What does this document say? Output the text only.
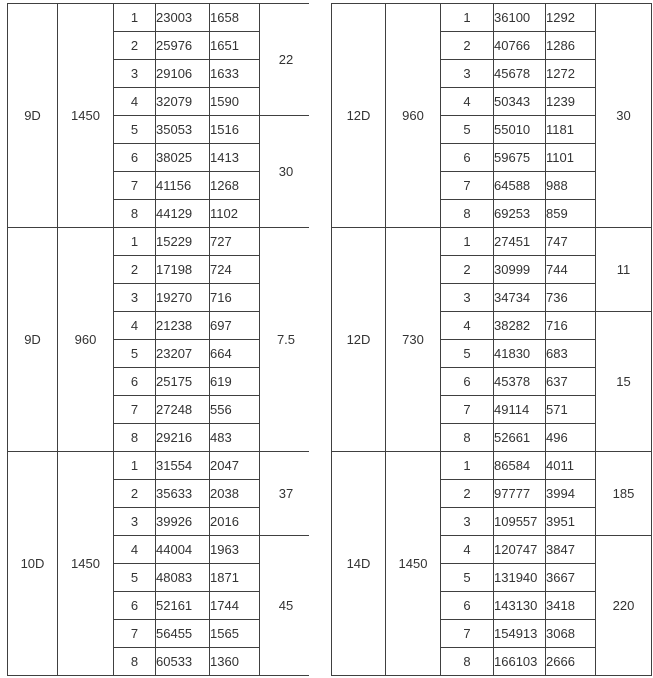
9D	1450	1	23003	1658	22
		2	25976	1651	
		3	29106	1633	
		4	32079	1590	
		5	35053	1516	30
		6	38025	1413	
		7	41156	1268	
		8	44129	1102	
9D	960	1	15229	727	7.5
		2	17198	724	
		3	19270	716	
		4	21238	697	
		5	23207	664	
		6	25175	619	
		7	27248	556	
		8	29216	483	
10D	1450	1	31554	2047	37
		2	35633	2038	
		3	39926	2016	
		4	44004	1963	45
		5	48083	1871	
		6	52161	1744	
		7	56455	1565	
		8	60533	1360	
12D	960	1	36100	1292	30
		2	40766	1286	
		3	45678	1272	
		4	50343	1239	
		5	55010	1181	
		6	59675	1101	
		7	64588	988	
		8	69253	859	
12D	730	1	27451	747	11
		2	30999	744	
		3	34734	736	
		4	38282	716	15
		5	41830	683	
		6	45378	637	
		7	49114	571	
		8	52661	496	
14D	1450	1	86584	4011	185
		2	97777	3994	
		3	109557	3951	
		4	120747	3847	220
		5	131940	3667	
		6	143130	3418	
		7	154913	3068	
		8	166103	2666	
